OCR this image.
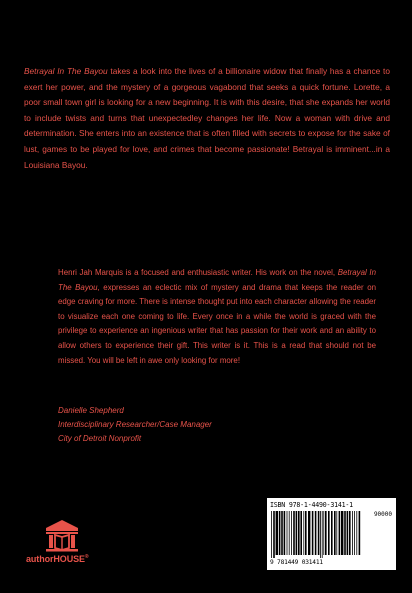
Betrayal In The Bayou takes a look into the lives of a billionaire widow that finally has a chance to exert her power, and the mystery of a gorgeous vagabond that seeks a quick fortune. Lorette, a poor small town girl is looking for a new beginning. It is with this desire, that she expands her world to include twists and turns that unexpectedley changes her life. Now a woman with drive and determination. She enters into an existence that is often filled with secrets to expose for the sake of lust, games to be played for love, and crimes that become passionate! Betrayal is imminent...in a Louisiana Bayou.

Henri Jah Marquis is a focused and enthusiastic writer. His work on the novel, Betrayal In The Bayou, expresses an eclectic mix of mystery and drama that keeps the reader on edge craving for more. There is intense thought put into each character allowing the reader to visualize each one coming to life. Every once in a while the world is graced with the privilege to experience an ingenious writer that has passion for their work and an ability to allow others to experience their gift. This writer is it. This is a read that should not be missed. You will be left in awe only looking for more!

Danielle Shepherd
Interdisciplinary Researcher/Case Manager
City of Detroit Nonprofit
authorHOUSE®
ISBN 978-1-4490-3141-1
90000
9 781449 031411
